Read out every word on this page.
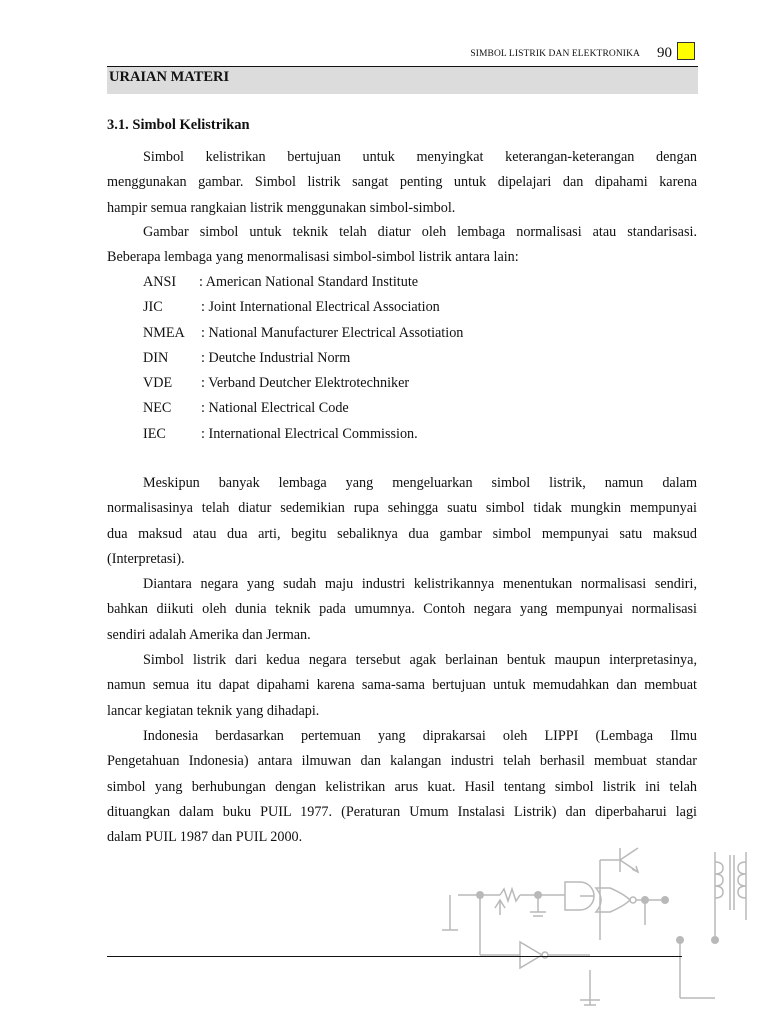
SIMBOL LISTRIK DAN ELEKTRONIKA 90
URAIAN MATERI
3.1. Simbol Kelistrikan
Simbol kelistrikan bertujuan untuk menyingkat keterangan-keterangan dengan
menggunakan gambar. Simbol listrik sangat penting untuk dipelajari dan dipahami karena
hampir semua rangkaian listrik menggunakan simbol-simbol.
Gambar simbol untuk teknik telah diatur oleh lembaga normalisasi atau standarisasi.
Beberapa lembaga yang menormalisasi simbol-simbol listrik antara lain:
ANSI : American National Standard Institute
JIC	: Joint International Electrical Association
NMEA : National Manufacturer Electrical Assotiation
DIN : Deutche Industrial Norm
VDE : Verband Deutcher Elektrotechniker
NEC : National Electrical Code
IEC : International Electrical Commission.
Meskipun banyak lembaga yang mengeluarkan simbol listrik, namun dalam
normalisasinya telah diatur sedemikian rupa sehingga suatu simbol tidak mungkin mempunyai
dua maksud atau dua arti, begitu sebaliknya dua gambar simbol mempunyai satu maksud
(Interpretasi).
Diantara negara yang sudah maju industri kelistrikannya menentukan normalisasi sendiri,
bahkan diikuti oleh dunia teknik pada umumnya. Contoh negara yang mempunyai normalisasi
sendiri adalah Amerika dan Jerman.
Simbol listrik dari kedua negara tersebut agak berlainan bentuk maupun interpretasinya,
namun semua itu dapat dipahami karena sama-sama bertujuan untuk memudahkan dan membuat
lancar kegiatan teknik yang dihadapi.
Indonesia berdasarkan pertemuan yang diprakarsai oleh LIPPI (Lembaga Ilmu
Pengetahuan Indonesia) antara ilmuwan dan kalangan industri telah berhasil membuat standar
simbol yang berhubungan dengan kelistrikan arus kuat. Hasil tentang simbol listrik ini telah
dituangkan dalam buku PUIL 1977. (Peraturan Umum Instalasi Listrik) dan diperbaharui lagi
dalam PUIL 1987 dan PUIL 2000.
